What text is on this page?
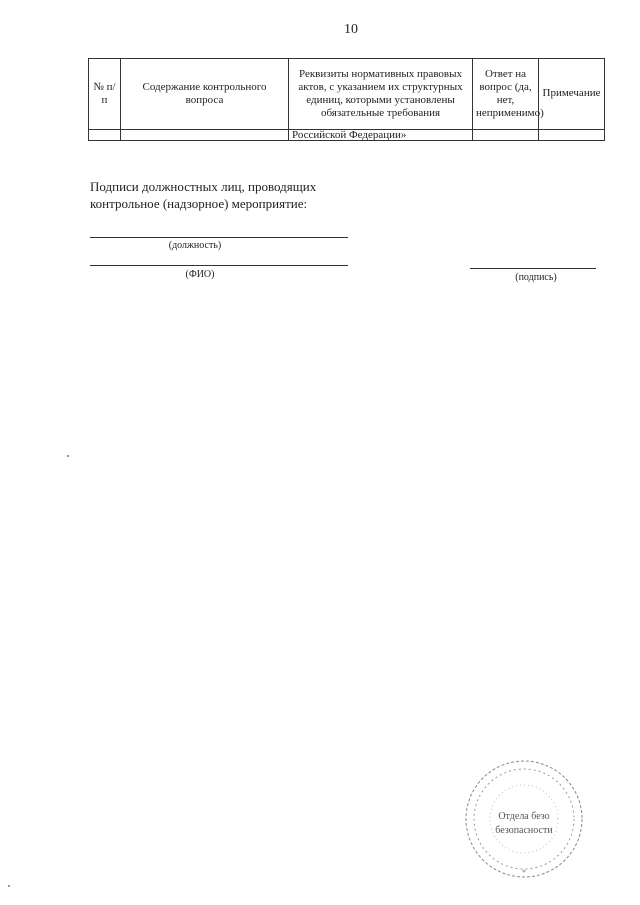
10
№ п/п	Содержание контрольного вопроса	Реквизиты нормативных правовых актов, с указанием их структурных единиц, которыми установлены обязательные требования	Ответ на вопрос (да, нет, неприменимо)	Примечание
		Российской Федерации»		
Подписи должностных лиц, проводящих
контрольное (надзорное) мероприятие:
(должность)
(ФИО)	(подпись)
Отдела безо
безопасности
*
